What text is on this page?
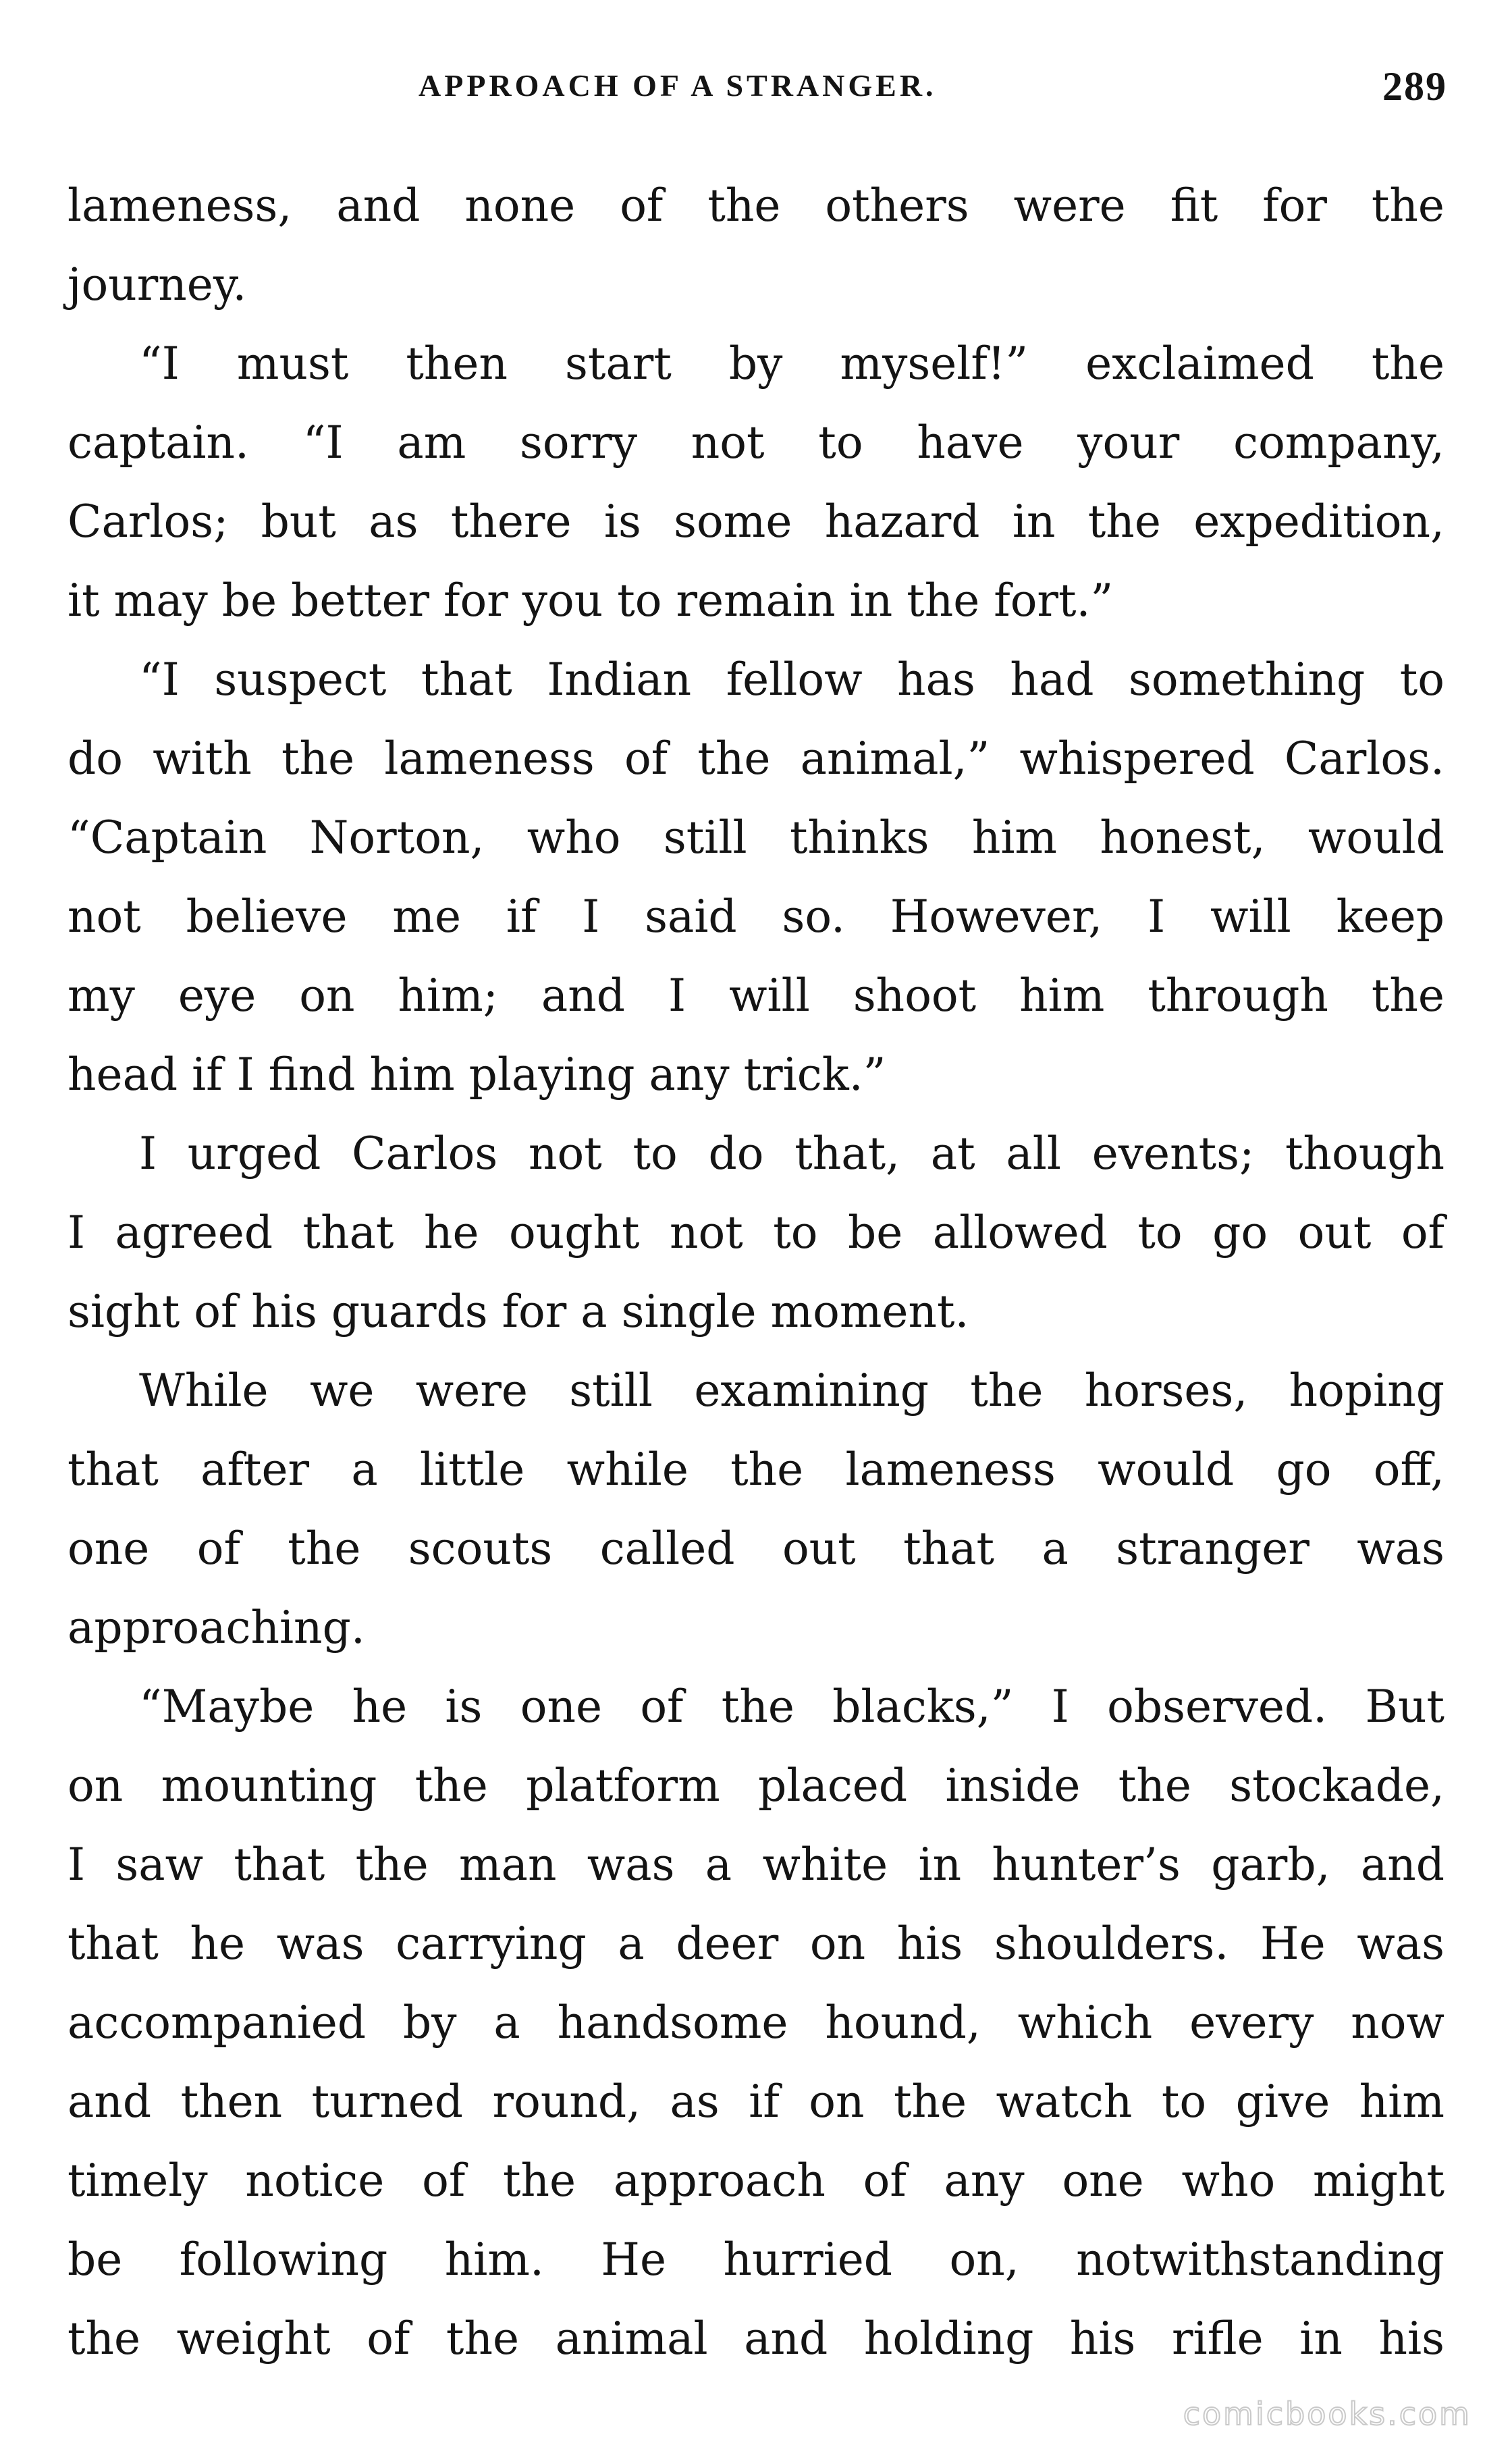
APPROACH OF A STRANGER.	289
lameness, and none of the others were fit for the
journey.
“I must then start by myself!” exclaimed the
captain. “I am sorry not to have your company,
Carlos; but as there is some hazard in the expedition,
it may be better for you to remain in the fort.”
“I suspect that Indian fellow has had something to
do with the lameness of the animal,” whispered Carlos.
“Captain Norton, who still thinks him honest, would
not believe me if I said so. However, I will keep
my eye on him; and I will shoot him through the
head if I find him playing any trick.”
I urged Carlos not to do that, at all events; though
I agreed that he ought not to be allowed to go out of
sight of his guards for a single moment.
While we were still examining the horses, hoping
that after a little while the lameness would go off,
one of the scouts called out that a stranger was
approaching.
“Maybe he is one of the blacks,” I observed. But
on mounting the platform placed inside the stockade,
I saw that the man was a white in hunter’s garb, and
that he was carrying a deer on his shoulders. He was
accompanied by a handsome hound, which every now
and then turned round, as if on the watch to give him
timely notice of the approach of any one who might
be following him. He hurried on, notwithstanding
the weight of the animal and holding his rifle in his
comicbooks.com
